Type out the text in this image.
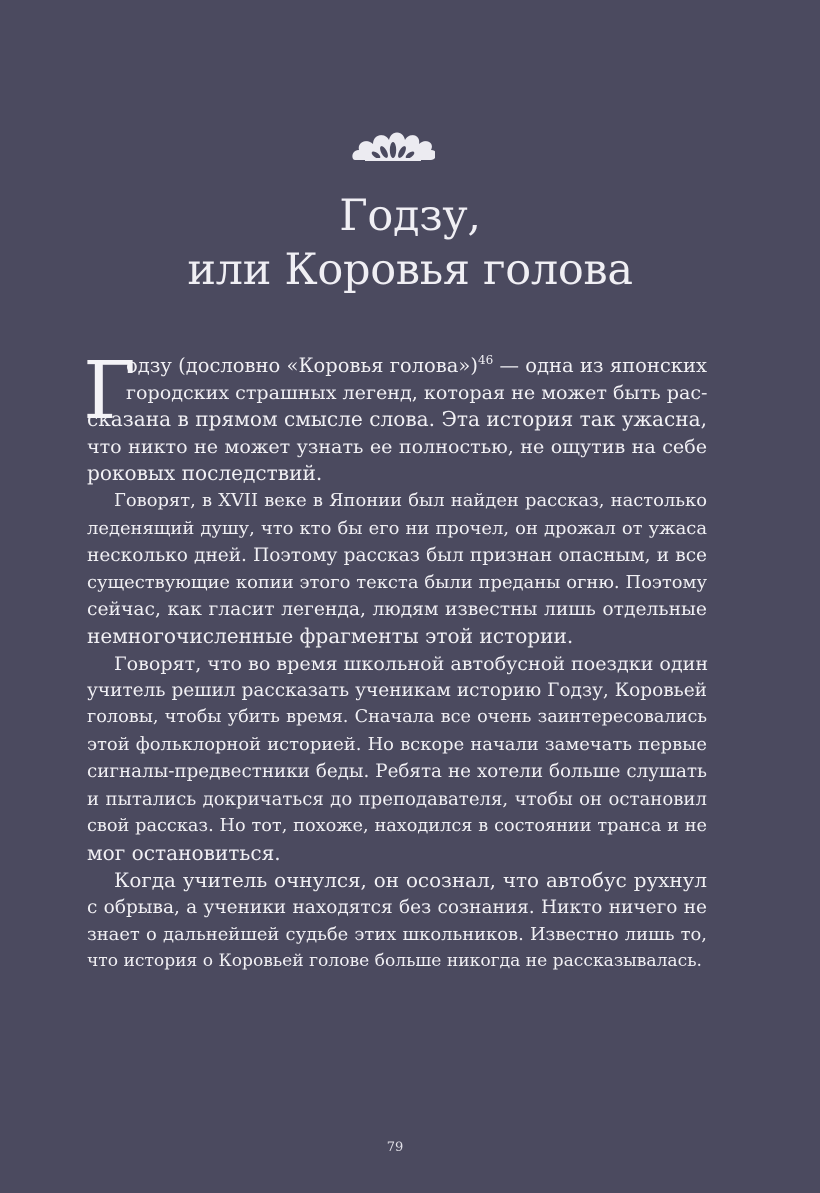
Годзу,
или Коровья голова
Г
одзу (дословно «Коровья голова»)$^{46}$ — одна из японских
городских страшных легенд, которая не может быть рас-
сказана в прямом смысле слова. Эта история так ужасна,
что никто не может узнать ее полностью, не ощутив на себе
роковых последствий.
Говорят, в XVII веке в Японии был найден рассказ, настолько
леденящий душу, что кто бы его ни прочел, он дрожал от ужаса
несколько дней. Поэтому рассказ был признан опасным, и все
существующие копии этого текста были преданы огню. Поэтому
сейчас, как гласит легенда, людям известны лишь отдельные
немногочисленные фрагменты этой истории.
Говорят, что во время школьной автобусной поездки один
учитель решил рассказать ученикам историю Годзу, Коровьей
головы, чтобы убить время. Сначала все очень заинтересовались
этой фольклорной историей. Но вскоре начали замечать первые
сигналы-предвестники беды. Ребята не хотели больше слушать
и пытались докричаться до преподавателя, чтобы он остановил
свой рассказ. Но тот, похоже, находился в состоянии транса и не
мог остановиться.
Когда учитель очнулся, он осознал, что автобус рухнул
с обрыва, а ученики находятся без сознания. Никто ничего не
знает о дальнейшей судьбе этих школьников. Известно лишь то,
что история о Коровьей голове больше никогда не рассказывалась.
79
